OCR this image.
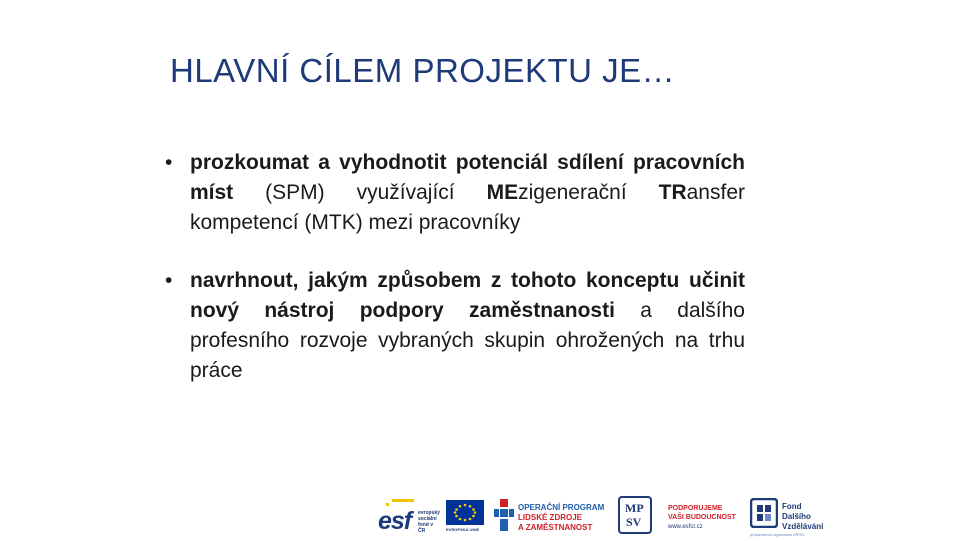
HLAVNÍ CÍLEM PROJEKTU JE…
• prozkoumat a vyhodnotit potenciál sdílení pracovních míst (SPM) využívající MEzigenerační TRansfer kompetencí (MTK) mezi pracovníky
• navrhnout, jakým způsobem z tohoto konceptu učinit nový nástroj podpory zaměstnanosti a dalšího profesního rozvoje vybraných skupin ohrožených na trhu práce
esf evropský
sociální
fond v ČR	EVROPSKÁ UNIE
OPERAČNÍ PROGRAM
LIDSKÉ ZDROJE
A ZAMĚSTNANOST
MP
SV
PODPORUJEME
VAŠI BUDOUCNOST
www.esfcr.cz
Fond
Dalšího
Vzdělávání
příspěvková organizace MPSV
